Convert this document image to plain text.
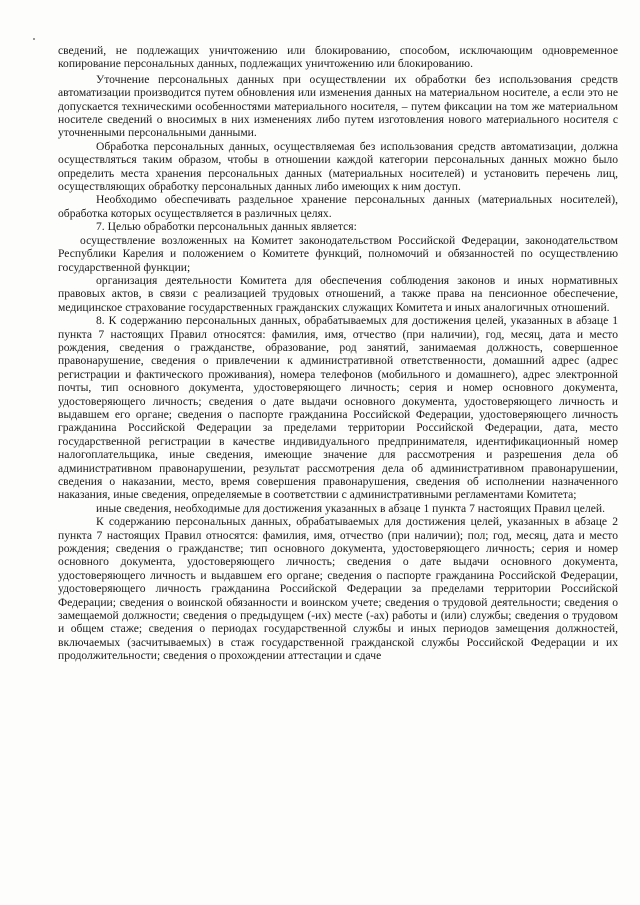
сведений, не подлежащих уничтожению или блокированию, способом, исключающим одновременное копирование персональных данных, подлежащих уничтожению или блокированию.

Уточнение персональных данных при осуществлении их обработки без использования средств автоматизации производится путем обновления или изменения данных на материальном носителе, а если это не допускается техническими особенностями материального носителя, – путем фиксации на том же материальном носителе сведений о вносимых в них изменениях либо путем изготовления нового материального носителя с уточненными персональными данными.

Обработка персональных данных, осуществляемая без использования средств автоматизации, должна осуществляться таким образом, чтобы в отношении каждой категории персональных данных можно было определить места хранения персональных данных (материальных носителей) и установить перечень лиц, осуществляющих обработку персональных данных либо имеющих к ним доступ.

Необходимо обеспечивать раздельное хранение персональных данных (материальных носителей), обработка которых осуществляется в различных целях.

7. Целью обработки персональных данных является:

осуществление возложенных на Комитет законодательством Российской Федерации, законодательством Республики Карелия и положением о Комитете функций, полномочий и обязанностей по осуществлению государственной функции;

организация деятельности Комитета для обеспечения соблюдения законов и иных нормативных правовых актов, в связи с реализацией трудовых отношений, а также права на пенсионное обеспечение, медицинское страхование государственных гражданских служащих Комитета и иных аналогичных отношений.

8. К содержанию персональных данных, обрабатываемых для достижения целей, указанных в абзаце 1 пункта 7 настоящих Правил относятся: фамилия, имя, отчество (при наличии), год, месяц, дата и место рождения, сведения о гражданстве, образование, род занятий, занимаемая должность, совершенное правонарушение, сведения о привлечении к административной ответственности, домашний адрес (адрес регистрации и фактического проживания), номера телефонов (мобильного и домашнего), адрес электронной почты, тип основного документа, удостоверяющего личность; серия и номер основного документа, удостоверяющего личность; сведения о дате выдачи основного документа, удостоверяющего личность и выдавшем его органе; сведения о паспорте гражданина Российской Федерации, удостоверяющего личность гражданина Российской Федерации за пределами территории Российской Федерации, дата, место государственной регистрации в качестве индивидуального предпринимателя, идентификационный номер налогоплательщика, иные сведения, имеющие значение для рассмотрения и разрешения дела об административном правонарушении, результат рассмотрения дела об административном правонарушении, сведения о наказании, место, время совершения правонарушения, сведения об исполнении назначенного наказания, иные сведения, определяемые в соответствии с административными регламентами Комитета;

иные сведения, необходимые для достижения указанных в абзаце 1 пункта 7 настоящих Правил целей.

К содержанию персональных данных, обрабатываемых для достижения целей, указанных в абзаце 2 пункта 7 настоящих Правил относятся: фамилия, имя, отчество (при наличии); пол; год, месяц, дата и место рождения; сведения о гражданстве; тип основного документа, удостоверяющего личность; серия и номер основного документа, удостоверяющего личность; сведения о дате выдачи основного документа, удостоверяющего личность и выдавшем его органе; сведения о паспорте гражданина Российской Федерации, удостоверяющего личность гражданина Российской Федерации за пределами территории Российской Федерации; сведения о воинской обязанности и воинском учете; сведения о трудовой деятельности; сведения о замещаемой должности; сведения о предыдущем (-их) месте (-ах) работы и (или) службы; сведения о трудовом и общем стаже; сведения о периодах государственной службы и иных периодов замещения должностей, включаемых (засчитываемых) в стаж государственной гражданской службы Российской Федерации и их продолжительности; сведения о прохождении аттестации и сдаче
